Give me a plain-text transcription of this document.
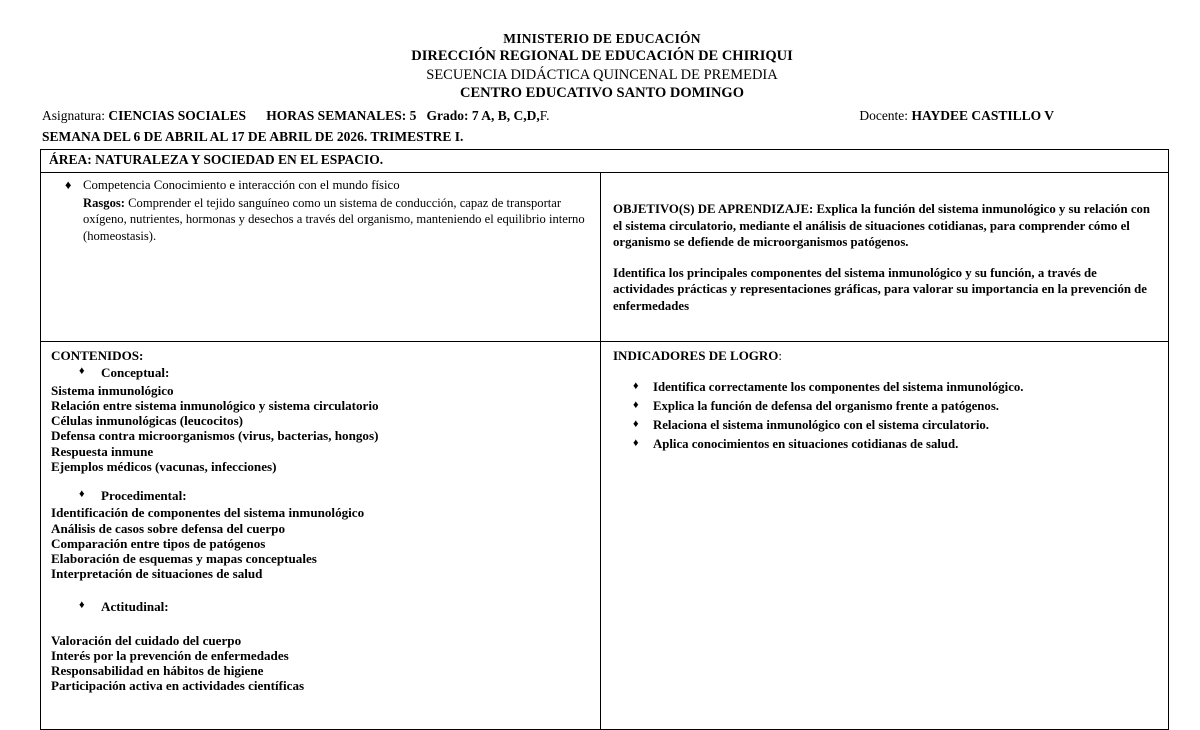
MINISTERIO DE EDUCACIÓN
DIRECCIÓN REGIONAL DE EDUCACIÓN DE CHIRIQUI
SECUENCIA DIDÁCTICA QUINCENAL DE PREMEDIA
CENTRO EDUCATIVO SANTO DOMINGO
Asignatura: CIENCIAS SOCIALES HORAS SEMANALES: 5 Grado: 7 A, B, C,D,F.	Docente: HAYDEE CASTILLO V
SEMANA DEL 6 DE ABRIL AL 17 DE ABRIL DE 2026. TRIMESTRE I.
ÁREA: NATURALEZA Y SOCIEDAD EN EL ESPACIO.	

♦ Competencia Conocimiento e interacción con el mundo físico
Rasgos: Comprender el tejido sanguíneo como un sistema de conducción, capaz de transportar oxígeno, nutrientes, hormonas y desechos a través del organismo, manteniendo el equilibrio interno (homeostasis).

OBJETIVO(S) DE APRENDIZAJE: Explica la función del sistema inmunológico y su relación con el sistema circulatorio, mediante el análisis de situaciones cotidianas, para comprender cómo el organismo se defiende de microorganismos patógenos.

Identifica los principales componentes del sistema inmunológico y su función, a través de actividades prácticas y representaciones gráficas, para valorar su importancia en la prevención de enfermedades

CONTENIDOS:
♦ Conceptual:
Sistema inmunológico
Relación entre sistema inmunológico y sistema circulatorio
Células inmunológicas (leucocitos)
Defensa contra microorganismos (virus, bacterias, hongos)
Respuesta inmune
Ejemplos médicos (vacunas, infecciones)
♦ Procedimental:
Identificación de componentes del sistema inmunológico
Análisis de casos sobre defensa del cuerpo
Comparación entre tipos de patógenos
Elaboración de esquemas y mapas conceptuales
Interpretación de situaciones de salud
♦ Actitudinal:
Valoración del cuidado del cuerpo
Interés por la prevención de enfermedades
Responsabilidad en hábitos de higiene
Participación activa en actividades científicas

INDICADORES DE LOGRO:
♦ Identifica correctamente los componentes del sistema inmunológico.
♦ Explica la función de defensa del organismo frente a patógenos.
♦ Relaciona el sistema inmunológico con el sistema circulatorio.
♦ Aplica conocimientos en situaciones cotidianas de salud.
